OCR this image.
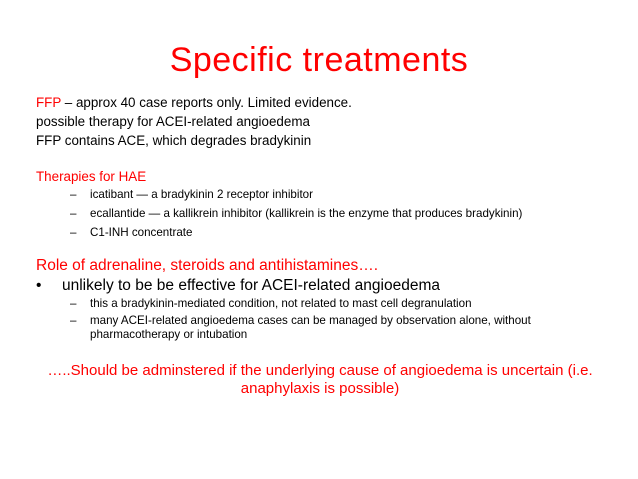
Specific treatments
FFP – approx 40 case reports only. Limited evidence.
possible therapy for ACEI-related angioedema
FFP contains ACE, which degrades bradykinin
Therapies for HAE
– icatibant — a bradykinin 2 receptor inhibitor
– ecallantide — a kallikrein inhibitor (kallikrein is the enzyme that produces bradykinin)
– C1-INH concentrate
Role of adrenaline, steroids and antihistamines….
• unlikely to be be effective for ACEI-related angioedema
– this a bradykinin-mediated condition, not related to mast cell degranulation
– many ACEI-related angioedema cases can be managed by observation alone, without
pharmacotherapy or intubation
…..Should be adminstered if the underlying cause of angioedema is uncertain (i.e.
anaphylaxis is possible)
